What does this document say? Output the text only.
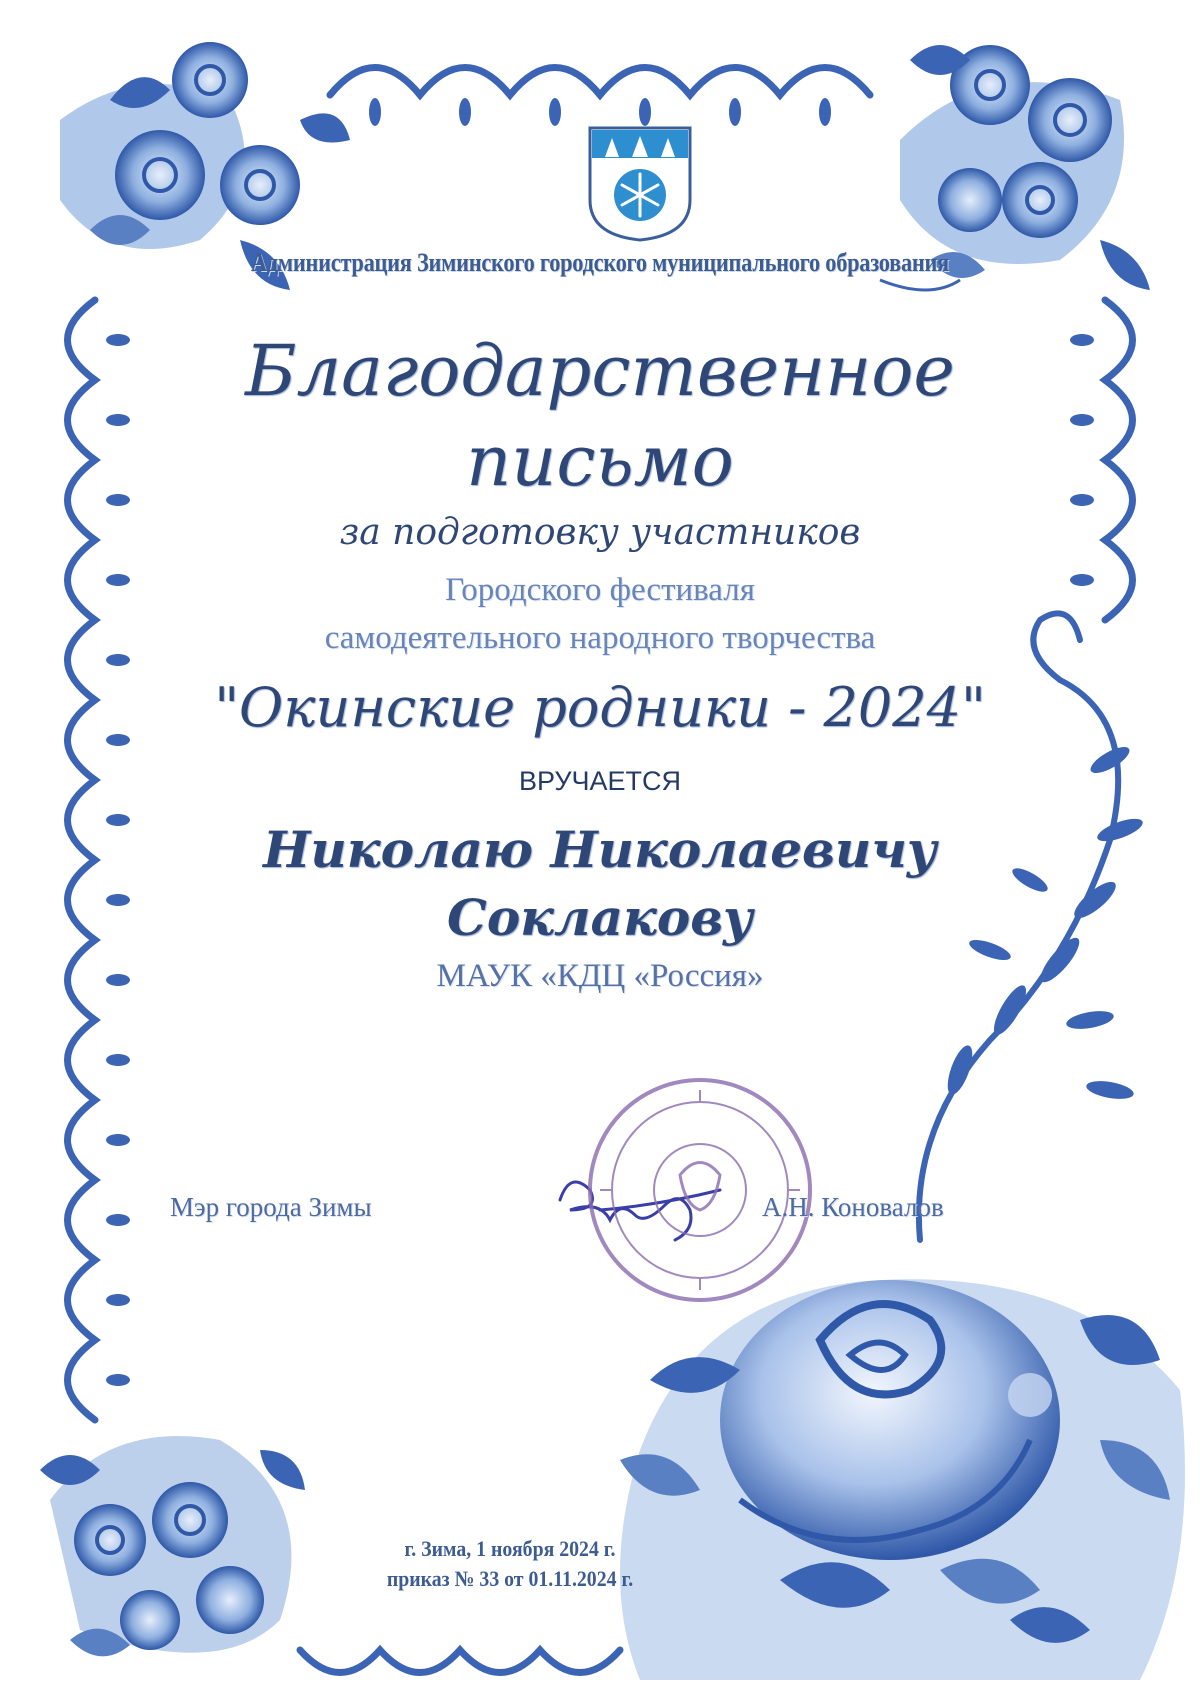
Администрация Зиминского городского муниципального образования
Благодарственное
письмо
за подготовку участников
Городского фестиваля
самодеятельного народного творчества
"Окинские родники - 2024"
ВРУЧАЕТСЯ
Николаю Николаевичу
Соклакову
МАУК «КДЦ «Россия»
Мэр города Зимы	А.Н. Коновалов
г. Зима, 1 ноября 2024 г.
приказ № 33 от 01.11.2024 г.
